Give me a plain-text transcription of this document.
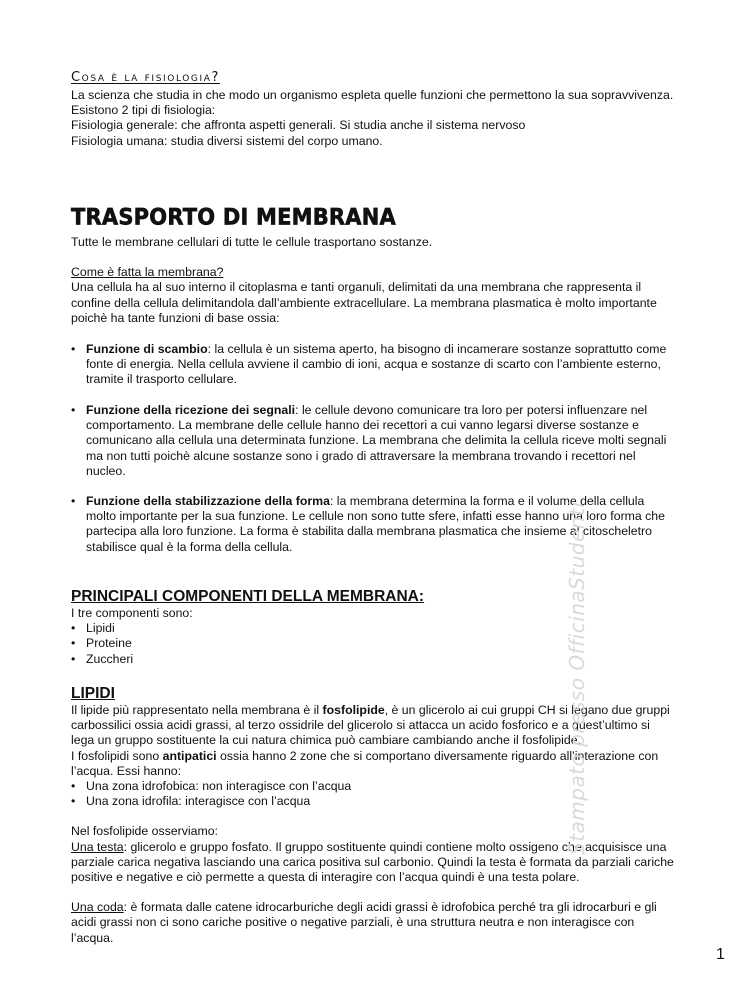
Cosa è la fisiologia?

La scienza che studia in che modo un organismo espleta quelle funzioni che permettono la sua sopravvivenza.

Esistono 2 tipi di fisiologia:

Fisiologia generale: che affronta aspetti generali. Si studia anche il sistema nervoso

Fisiologia umana: studia diversi sistemi del corpo umano.

TRASPORTO DI MEMBRANA

Tutte le membrane cellulari di tutte le cellule trasportano sostanze.

Come è fatta la membrana?

Una cellula ha al suo interno il citoplasma e tanti organuli, delimitati da una membrana che rappresenta il confine della cellula delimitandola dall’ambiente extracellulare. La membrana plasmatica è molto importante poichè ha tante funzioni di base ossia:

• Funzione di scambio: la cellula è un sistema aperto, ha bisogno di incamerare sostanze soprattutto come fonte di energia. Nella cellula avviene il cambio di ioni, acqua e sostanze di scarto con l’ambiente esterno, tramite il trasporto cellulare.
• Funzione della ricezione dei segnali: le cellule devono comunicare tra loro per potersi influenzare nel comportamento. La membrane delle cellule hanno dei recettori a cui vanno legarsi diverse sostanze e comunicano alla cellula una determinata funzione. La membrana che delimita la cellula riceve molti segnali ma non tutti poichè alcune sostanze sono i grado di attraversare la membrana trovando i recettori nel nucleo.
• Funzione della stabilizzazione della forma: la membrana determina la forma e il volume della cellula molto importante per la sua funzione. Le cellule non sono tutte sfere, infatti esse hanno una loro forma che partecipa alla loro funzione. La forma è stabilita dalla membrana plasmatica che insieme al citoscheletro stabilisce qual è la forma della cellula.
PRINCIPALI COMPONENTI DELLA MEMBRANA:

I tre componenti sono:

• Lipidi
• Proteine
• Zuccheri
LIPIDI

Il lipide più rappresentato nella membrana è il fosfolipide, è un glicerolo ai cui gruppi CH si legano due gruppi carbossilici ossia acidi grassi, al terzo ossidrile del glicerolo si attacca un acido fosforico e a quest’ultimo si lega un gruppo sostituente la cui natura chimica può cambiare cambiando anche il fosfolipide.

I fosfolipidi sono antipatici ossia hanno 2 zone che si comportano diversamente riguardo all’interazione con l’acqua. Essi hanno:

• Una zona idrofobica: non interagisce con l’acqua
• Una zona idrofila: interagisce con l’acqua

Nel fosfolipide osserviamo:

Una testa: glicerolo e gruppo fosfato. Il gruppo sostituente quindi contiene molto ossigeno che acquisisce una parziale carica negativa lasciando una carica positiva sul carbonio. Quindi la testa è formata da parziali cariche positive e negative e ciò permette a questa di interagire con l’acqua quindi è una testa polare.

Una coda: è formata dalle catene idrocarburiche degli acidi grassi è idrofobica perché tra gli idrocarburi e gli acidi grassi non ci sono cariche positive o negative parziali, è una struttura neutra e non interagisce con l’acqua.

Stampato presso OfficinaStudenti
1
